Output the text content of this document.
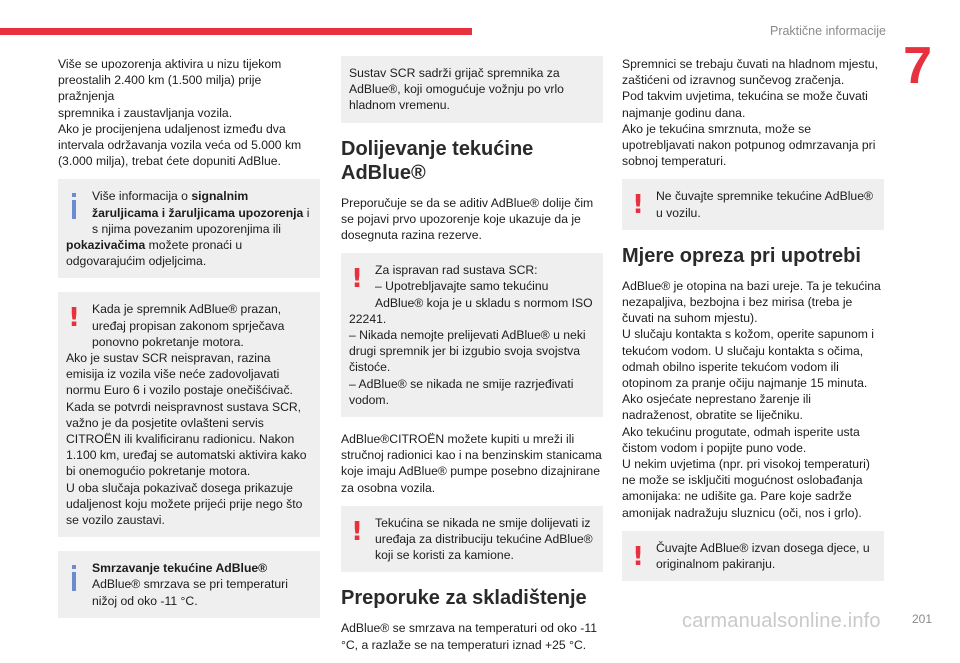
Praktične informacije
7

Više se upozorenja aktivira u nizu tijekom
preostalih 2.400 km (1.500 milja) prije pražnjenja
spremnika i zaustavljanja vozila.
Ako je procijenjena udaljenost između dva
intervala održavanja vozila veća od 5.000 km
(3.000 milja), trebat ćete dopuniti AdBlue.

Više informacija o signalnim žaruljicama i žaruljicama upozorenja i s njima povezanim upozorenjima ili pokazivačima možete pronaći u odgovarajućim odjeljcima.

! Kada je spremnik AdBlue® prazan, uređaj propisan zakonom sprječava ponovno pokretanje motora.
Ako je sustav SCR neispravan, razina emisija iz vozila više neće zadovoljavati normu Euro 6 i vozilo postaje onečišćivač.
Kada se potvrdi neispravnost sustava SCR, važno je da posjetite ovlašteni servis CITROËN ili kvalificiranu radionicu. Nakon 1.100 km, uređaj se automatski aktivira kako bi onemogućio pokretanje motora.
U oba slučaja pokazivač dosega prikazuje udaljenost koju možete prijeći prije nego što se vozilo zaustavi.

Smrzavanje tekućine AdBlue®
AdBlue® smrzava se pri temperaturi nižoj od oko -11 °C.

Sustav SCR sadrži grijač spremnika za AdBlue®, koji omogućuje vožnju po vrlo hladnom vremenu.

Dolijevanje tekućine AdBlue®

Preporučuje se da se aditiv AdBlue® dolije čim se pojavi prvo upozorenje koje ukazuje da je dosegnuta razina rezerve.

! Za ispravan rad sustava SCR:
– Upotrebljavajte samo tekućinu AdBlue® koja je u skladu s normom ISO 22241.
– Nikada nemojte prelijevati AdBlue® u neki drugi spremnik jer bi izgubio svoja svojstva čistoće.
– AdBlue® se nikada ne smije razrjeđivati vodom.

AdBlue®CITROËN možete kupiti u mreži ili stručnoj radionici kao i na benzinskim stanicama koje imaju AdBlue® pumpe posebno dizajnirane za osobna vozila.

! Tekućina se nikada ne smije dolijevati iz uređaja za distribuciju tekućine AdBlue® koji se koristi za kamione.

Preporuke za skladištenje

AdBlue® se smrzava na temperaturi od oko -11 °C, a razlaže se na temperaturi iznad +25 °C.

Spremnici se trebaju čuvati na hladnom mjestu, zaštićeni od izravnog sunčevog zračenja.
Pod takvim uvjetima, tekućina se može čuvati najmanje godinu dana.
Ako je tekućina smrznuta, može se upotrebljavati nakon potpunog odmrzavanja pri sobnoj temperaturi.

! Ne čuvajte spremnike tekućine AdBlue® u vozilu.

Mjere opreza pri upotrebi

AdBlue® je otopina na bazi ureje. Ta je tekućina nezapaljiva, bezbojna i bez mirisa (treba je čuvati na suhom mjestu).
U slučaju kontakta s kožom, operite sapunom i tekućom vodom. U slučaju kontakta s očima, odmah obilno isperite tekućom vodom ili otopinom za pranje očiju najmanje 15 minuta. Ako osjećate neprestano žarenje ili nadraženost, obratite se liječniku.
Ako tekućinu progutate, odmah isperite usta čistom vodom i popijte puno vode.
U nekim uvjetima (npr. pri visokoj temperaturi) ne može se isključiti mogućnost oslobađanja amonijaka: ne udišite ga. Pare koje sadrže amonijak nadražuju sluznicu (oči, nos i grlo).

! Čuvajte AdBlue® izvan dosega djece, u originalnom pakiranju.

201
carmanualsonline.info
